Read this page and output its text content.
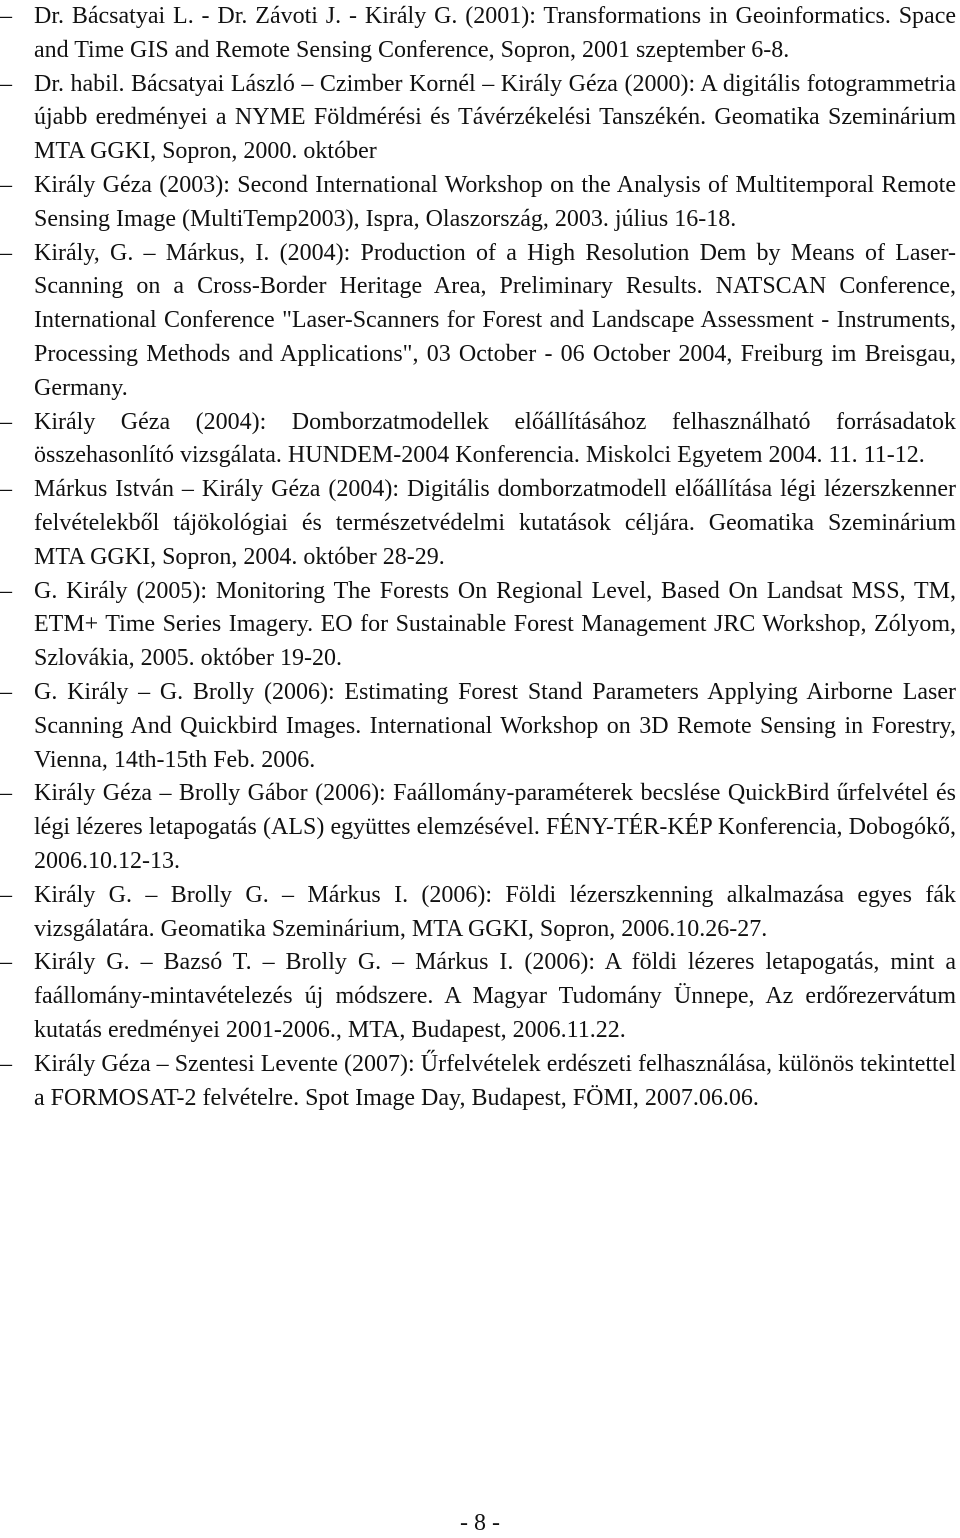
– Dr. Bácsatyai L. - Dr. Závoti J. - Király G. (2001): Transformations in Geoinformatics. Space and Time GIS and Remote Sensing Conference, Sopron, 2001 szeptember 6-8.
– Dr. habil. Bácsatyai László – Czimber Kornél – Király Géza (2000): A digitális fotogrammetria újabb eredményei a NYME Földmérési és Távérzékelési Tanszékén. Geomatika Szeminárium MTA GGKI, Sopron, 2000. október
– Király Géza (2003): Second International Workshop on the Analysis of Multitemporal Remote Sensing Image (MultiTemp2003), Ispra, Olaszország, 2003. július 16-18.
– Király, G. – Márkus, I. (2004): Production of a High Resolution Dem by Means of Laser-Scanning on a Cross-Border Heritage Area, Preliminary Results. NATSCAN Conference, International Conference "Laser-Scanners for Forest and Landscape Assessment - Instruments, Processing Methods and Applications", 03 October - 06 October 2004, Freiburg im Breisgau, Germany.
– Király Géza (2004): Domborzatmodellek előállításához felhasználható forrásadatok összehasonlító vizsgálata. HUNDEM-2004 Konferencia. Miskolci Egyetem 2004. 11. 11-12.
– Márkus István – Király Géza (2004): Digitális domborzatmodell előállítása légi lézerszkenner felvételekből tájökológiai és természetvédelmi kutatások céljára. Geomatika Szeminárium MTA GGKI, Sopron, 2004. október 28-29.
– G. Király (2005): Monitoring The Forests On Regional Level, Based On Landsat MSS, TM, ETM+ Time Series Imagery. EO for Sustainable Forest Management JRC Workshop, Zólyom, Szlovákia, 2005. október 19-20.
– G. Király – G. Brolly (2006): Estimating Forest Stand Parameters Applying Airborne Laser Scanning And Quickbird Images. International Workshop on 3D Remote Sensing in Forestry, Vienna, 14th-15th Feb. 2006.
– Király Géza – Brolly Gábor (2006): Faállomány-paraméterek becslése QuickBird űrfelvétel és légi lézeres letapogatás (ALS) együttes elemzésével. FÉNY-TÉR-KÉP Konferencia, Dobogókő, 2006.10.12-13.
– Király G. – Brolly G. – Márkus I. (2006): Földi lézerszkenning alkalmazása egyes fák vizsgálatára. Geomatika Szeminárium, MTA GGKI, Sopron, 2006.10.26-27.
– Király G. – Bazsó T. – Brolly G. – Márkus I. (2006): A földi lézeres letapogatás, mint a faállomány-mintavételezés új módszere. A Magyar Tudomány Ünnepe, Az erdőrezervátum kutatás eredményei 2001-2006., MTA, Budapest, 2006.11.22.
– Király Géza – Szentesi Levente (2007): Űrfelvételek erdészeti felhasználása, különös tekintettel a FORMOSAT-2 felvételre. Spot Image Day, Budapest, FÖMI, 2007.06.06.
- 8 -
